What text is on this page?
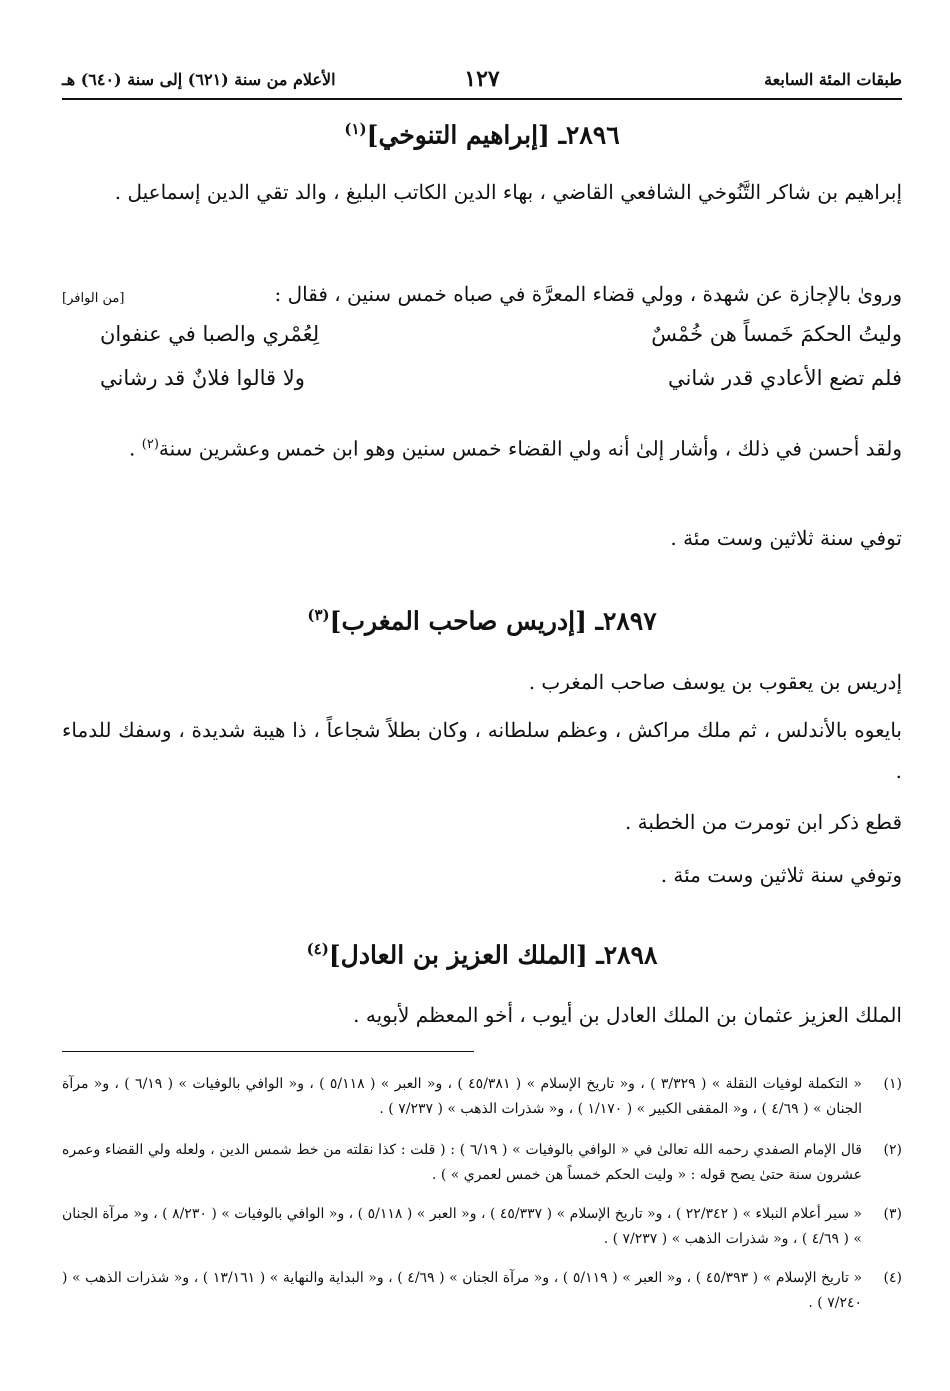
طبقات المئة السابعة
١٢٧
الأعلام من سنة (٦٢١) إلى سنة (٦٤٠) هـ
٢٨٩٦ـ [إبراهيم التنوخي]$^{(١)}$
إبراهيم بن شاكر التَّنُوخي الشافعي القاضي ، بهاء الدين الكاتب البليغ ، والد تقي الدين إسماعيل .
وروىٰ بالإجازة عن شهدة ، وولي قضاء المعرَّة في صباه خمس سنين ، فقال :
[من الوافر]
وليتُ الحكمَ خَمساً هن خُمْسٌ
لِعُمْري والصبا في عنفوان
فلم تضع الأعادي قدر شاني
ولا قالوا فلانٌ قد رشاني
ولقد أحسن في ذلك ، وأشار إلىٰ أنه ولي القضاء خمس سنين وهو ابن خمس وعشرين سنة$^{(٢)}$ .
توفي سنة ثلاثين وست مئة .
٢٨٩٧ـ [إدريس صاحب المغرب]$^{(٣)}$
إدريس بن يعقوب بن يوسف صاحب المغرب .
بايعوه بالأندلس ، ثم ملك مراكش ، وعظم سلطانه ، وكان بطلاً شجاعاً ، ذا هيبة شديدة ، وسفك للدماء .
قطع ذكر ابن تومرت من الخطبة .
وتوفي سنة ثلاثين وست مئة .
٢٨٩٨ـ [الملك العزيز بن العادل]$^{(٤)}$
الملك العزيز عثمان بن الملك العادل بن أيوب ، أخو المعظم لأبويه .
(١)
« التكملة لوفيات النقلة » ( ٣/٣٢٩ ) ، و« تاريخ الإسلام » ( ٤٥/٣٨١ ) ، و« العبر » ( ٥/١١٨ ) ، و« الوافي بالوفيات » ( ٦/١٩ ) ، و« مرآة الجنان » ( ٤/٦٩ ) ، و« المقفى الكبير » ( ١/١٧٠ ) ، و« شذرات الذهب » ( ٧/٢٣٧ ) .
(٢)
قال الإمام الصفدي رحمه الله تعالىٰ في « الوافي بالوفيات » ( ٦/١٩ ) : ( قلت : كذا نقلته من خط شمس الدين ، ولعله ولي القضاء وعمره عشرون سنة حتىٰ يصح قوله : « وليت الحكم خمساً هن خمس لعمري » ) .
(٣)
« سير أعلام النبلاء » ( ٢٢/٣٤٢ ) ، و« تاريخ الإسلام » ( ٤٥/٣٣٧ ) ، و« العبر » ( ٥/١١٨ ) ، و« الوافي بالوفيات » ( ٨/٢٣٠ ) ، و« مرآة الجنان » ( ٤/٦٩ ) ، و« شذرات الذهب » ( ٧/٢٣٧ ) .
(٤)
« تاريخ الإسلام » ( ٤٥/٣٩٣ ) ، و« العبر » ( ٥/١١٩ ) ، و« مرآة الجنان » ( ٤/٦٩ ) ، و« البداية والنهاية » ( ١٣/١٦١ ) ، و« شذرات الذهب » ( ٧/٢٤٠ ) .
